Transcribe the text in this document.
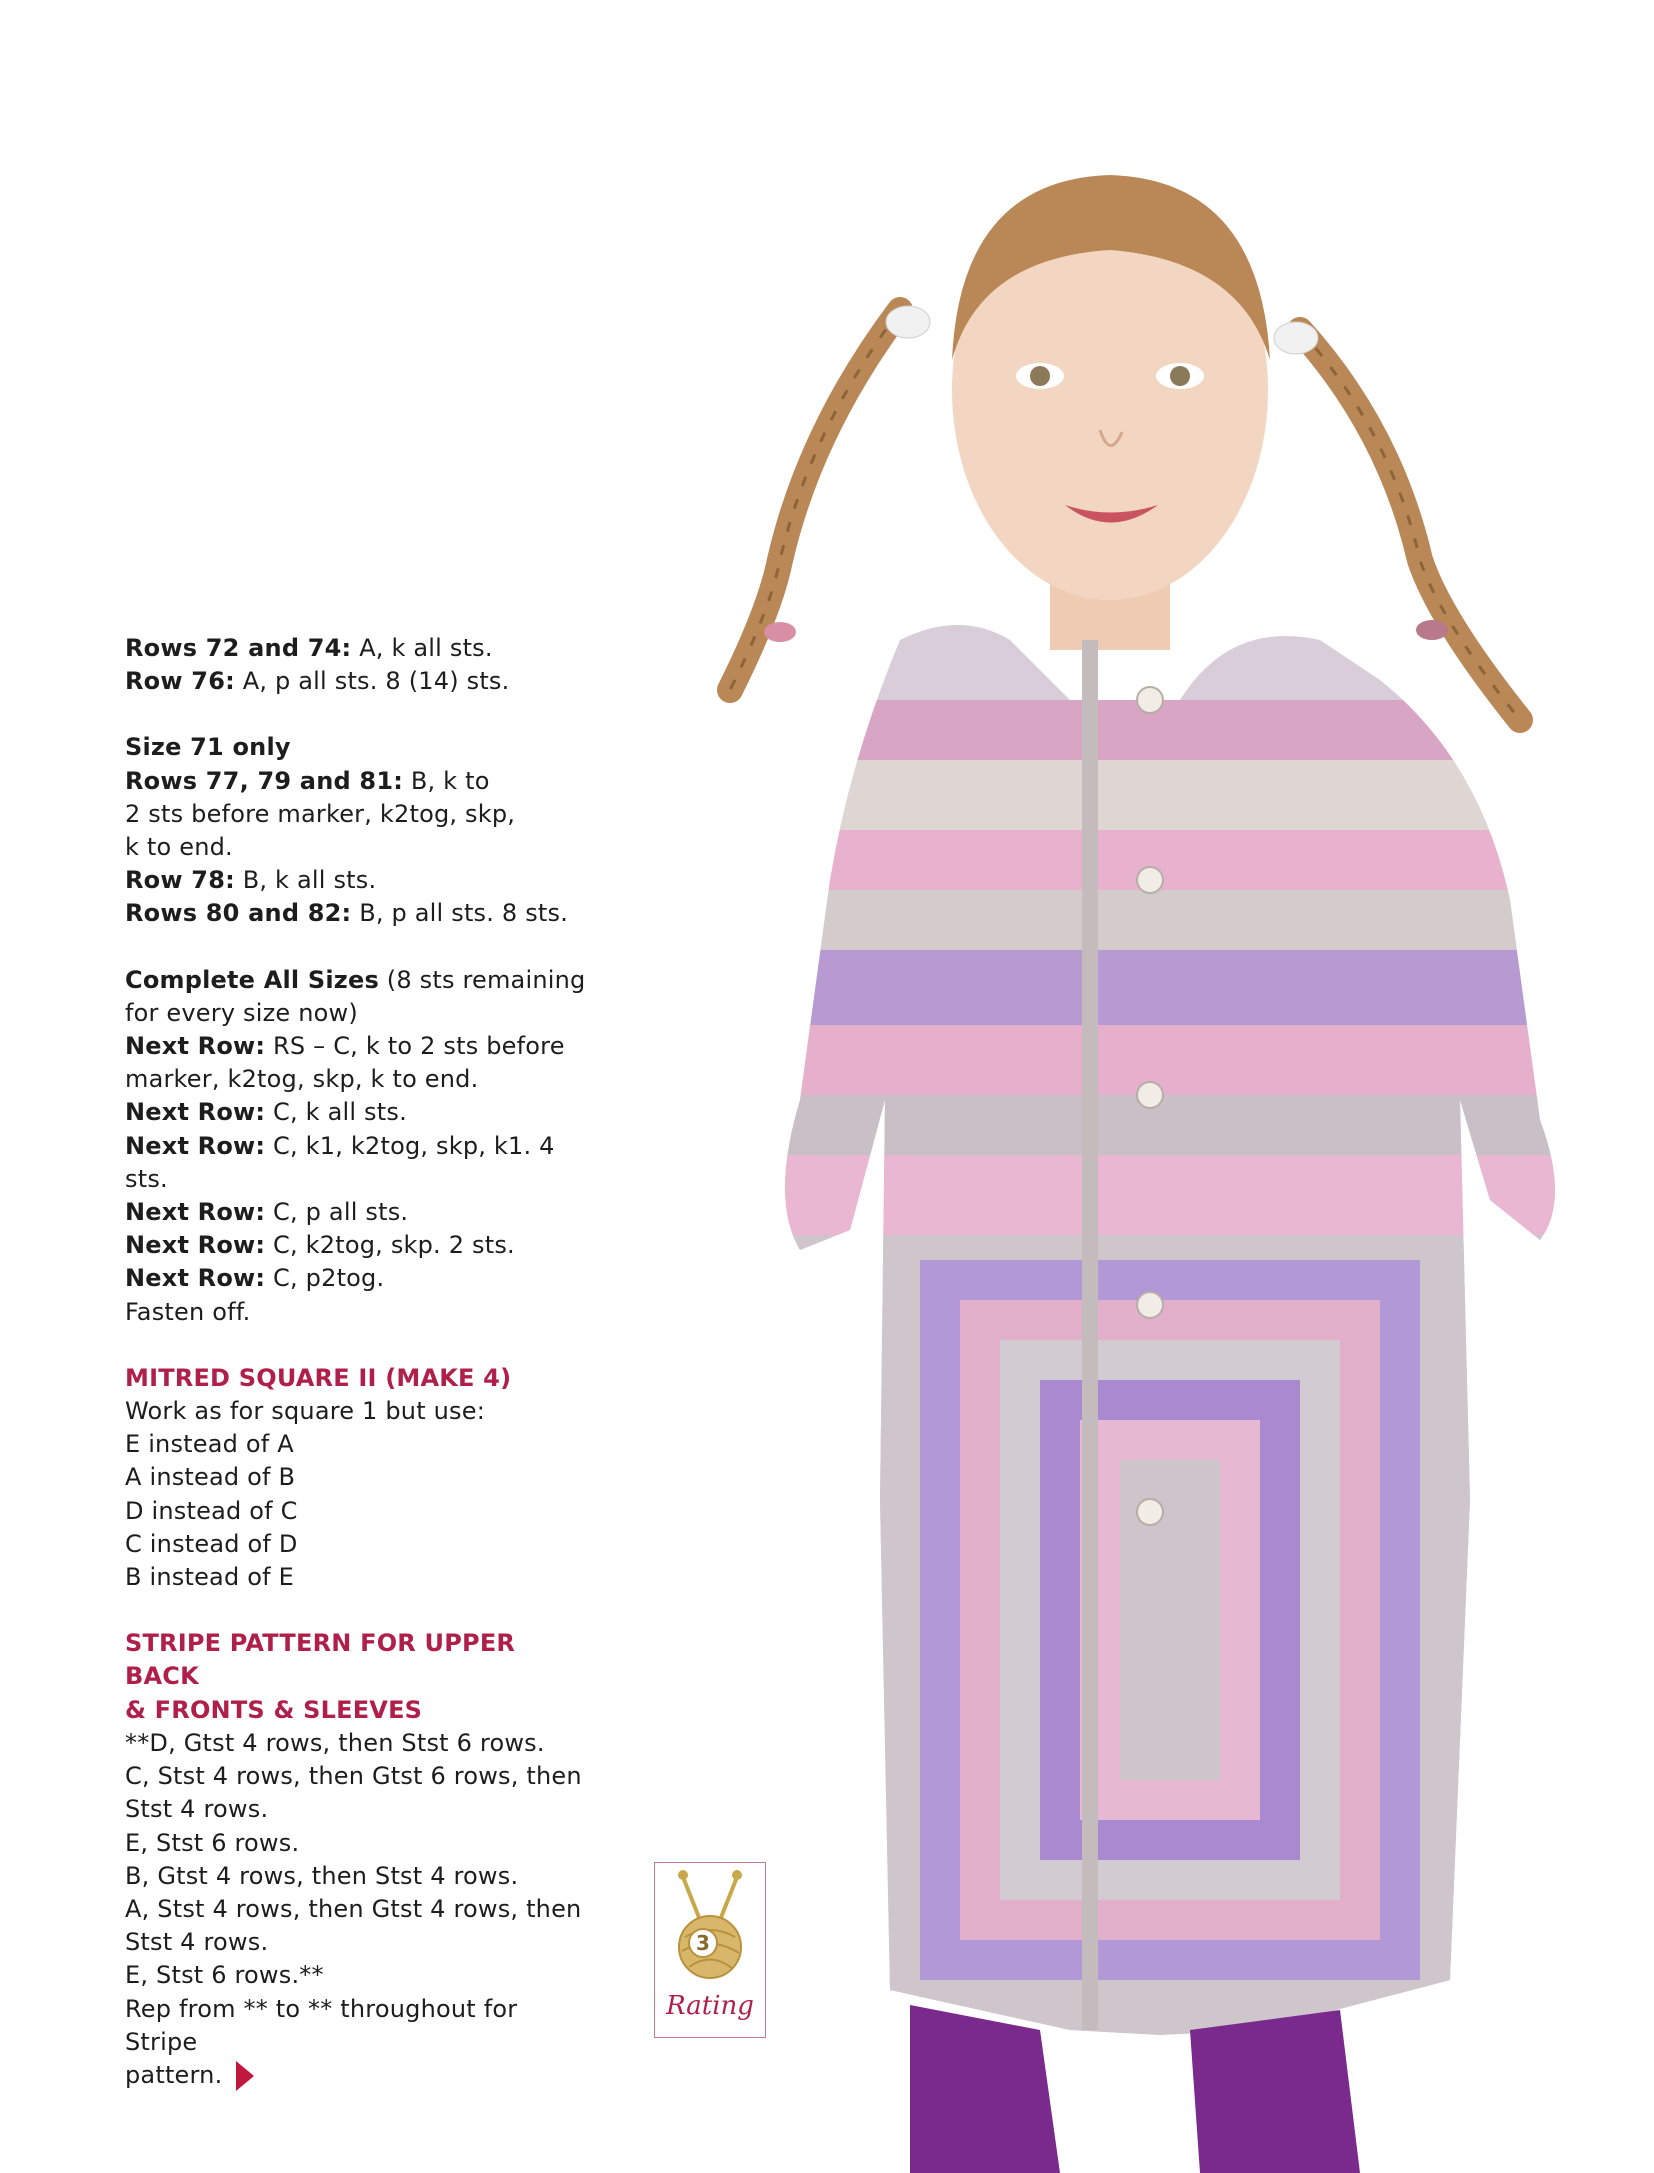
Rows 72 and 74: A, k all sts.

Row 76: A, p all sts. 8 (14) sts.

Size 71 only

Rows 77, 79 and 81: B, k to

2 sts before marker, k2tog, skp,

k to end.

Row 78: B, k all sts.

Rows 80 and 82: B, p all sts. 8 sts.

Complete All Sizes (8 sts remaining

for every size now)

Next Row: RS – C, k to 2 sts before

marker, k2tog, skp, k to end.

Next Row: C, k all sts.

Next Row: C, k1, k2tog, skp, k1. 4

sts.

Next Row: C, p all sts.

Next Row: C, k2tog, skp. 2 sts.

Next Row: C, p2tog.

Fasten off.

MITRED SQUARE II (MAKE 4)

Work as for square 1 but use:

E instead of A

A instead of B

D instead of C

C instead of D

B instead of E

STRIPE PATTERN FOR UPPER BACK

& FRONTS & SLEEVES

**D, Gtst 4 rows, then Stst 6 rows.

C, Stst 4 rows, then Gtst 6 rows, then

Stst 4 rows.

E, Stst 6 rows.

B, Gtst 4 rows, then Stst 4 rows.

A, Stst 4 rows, then Gtst 4 rows, then

Stst 4 rows.

E, Stst 6 rows.**

Rep from ** to ** throughout for Stripe

pattern.

3
Rating
